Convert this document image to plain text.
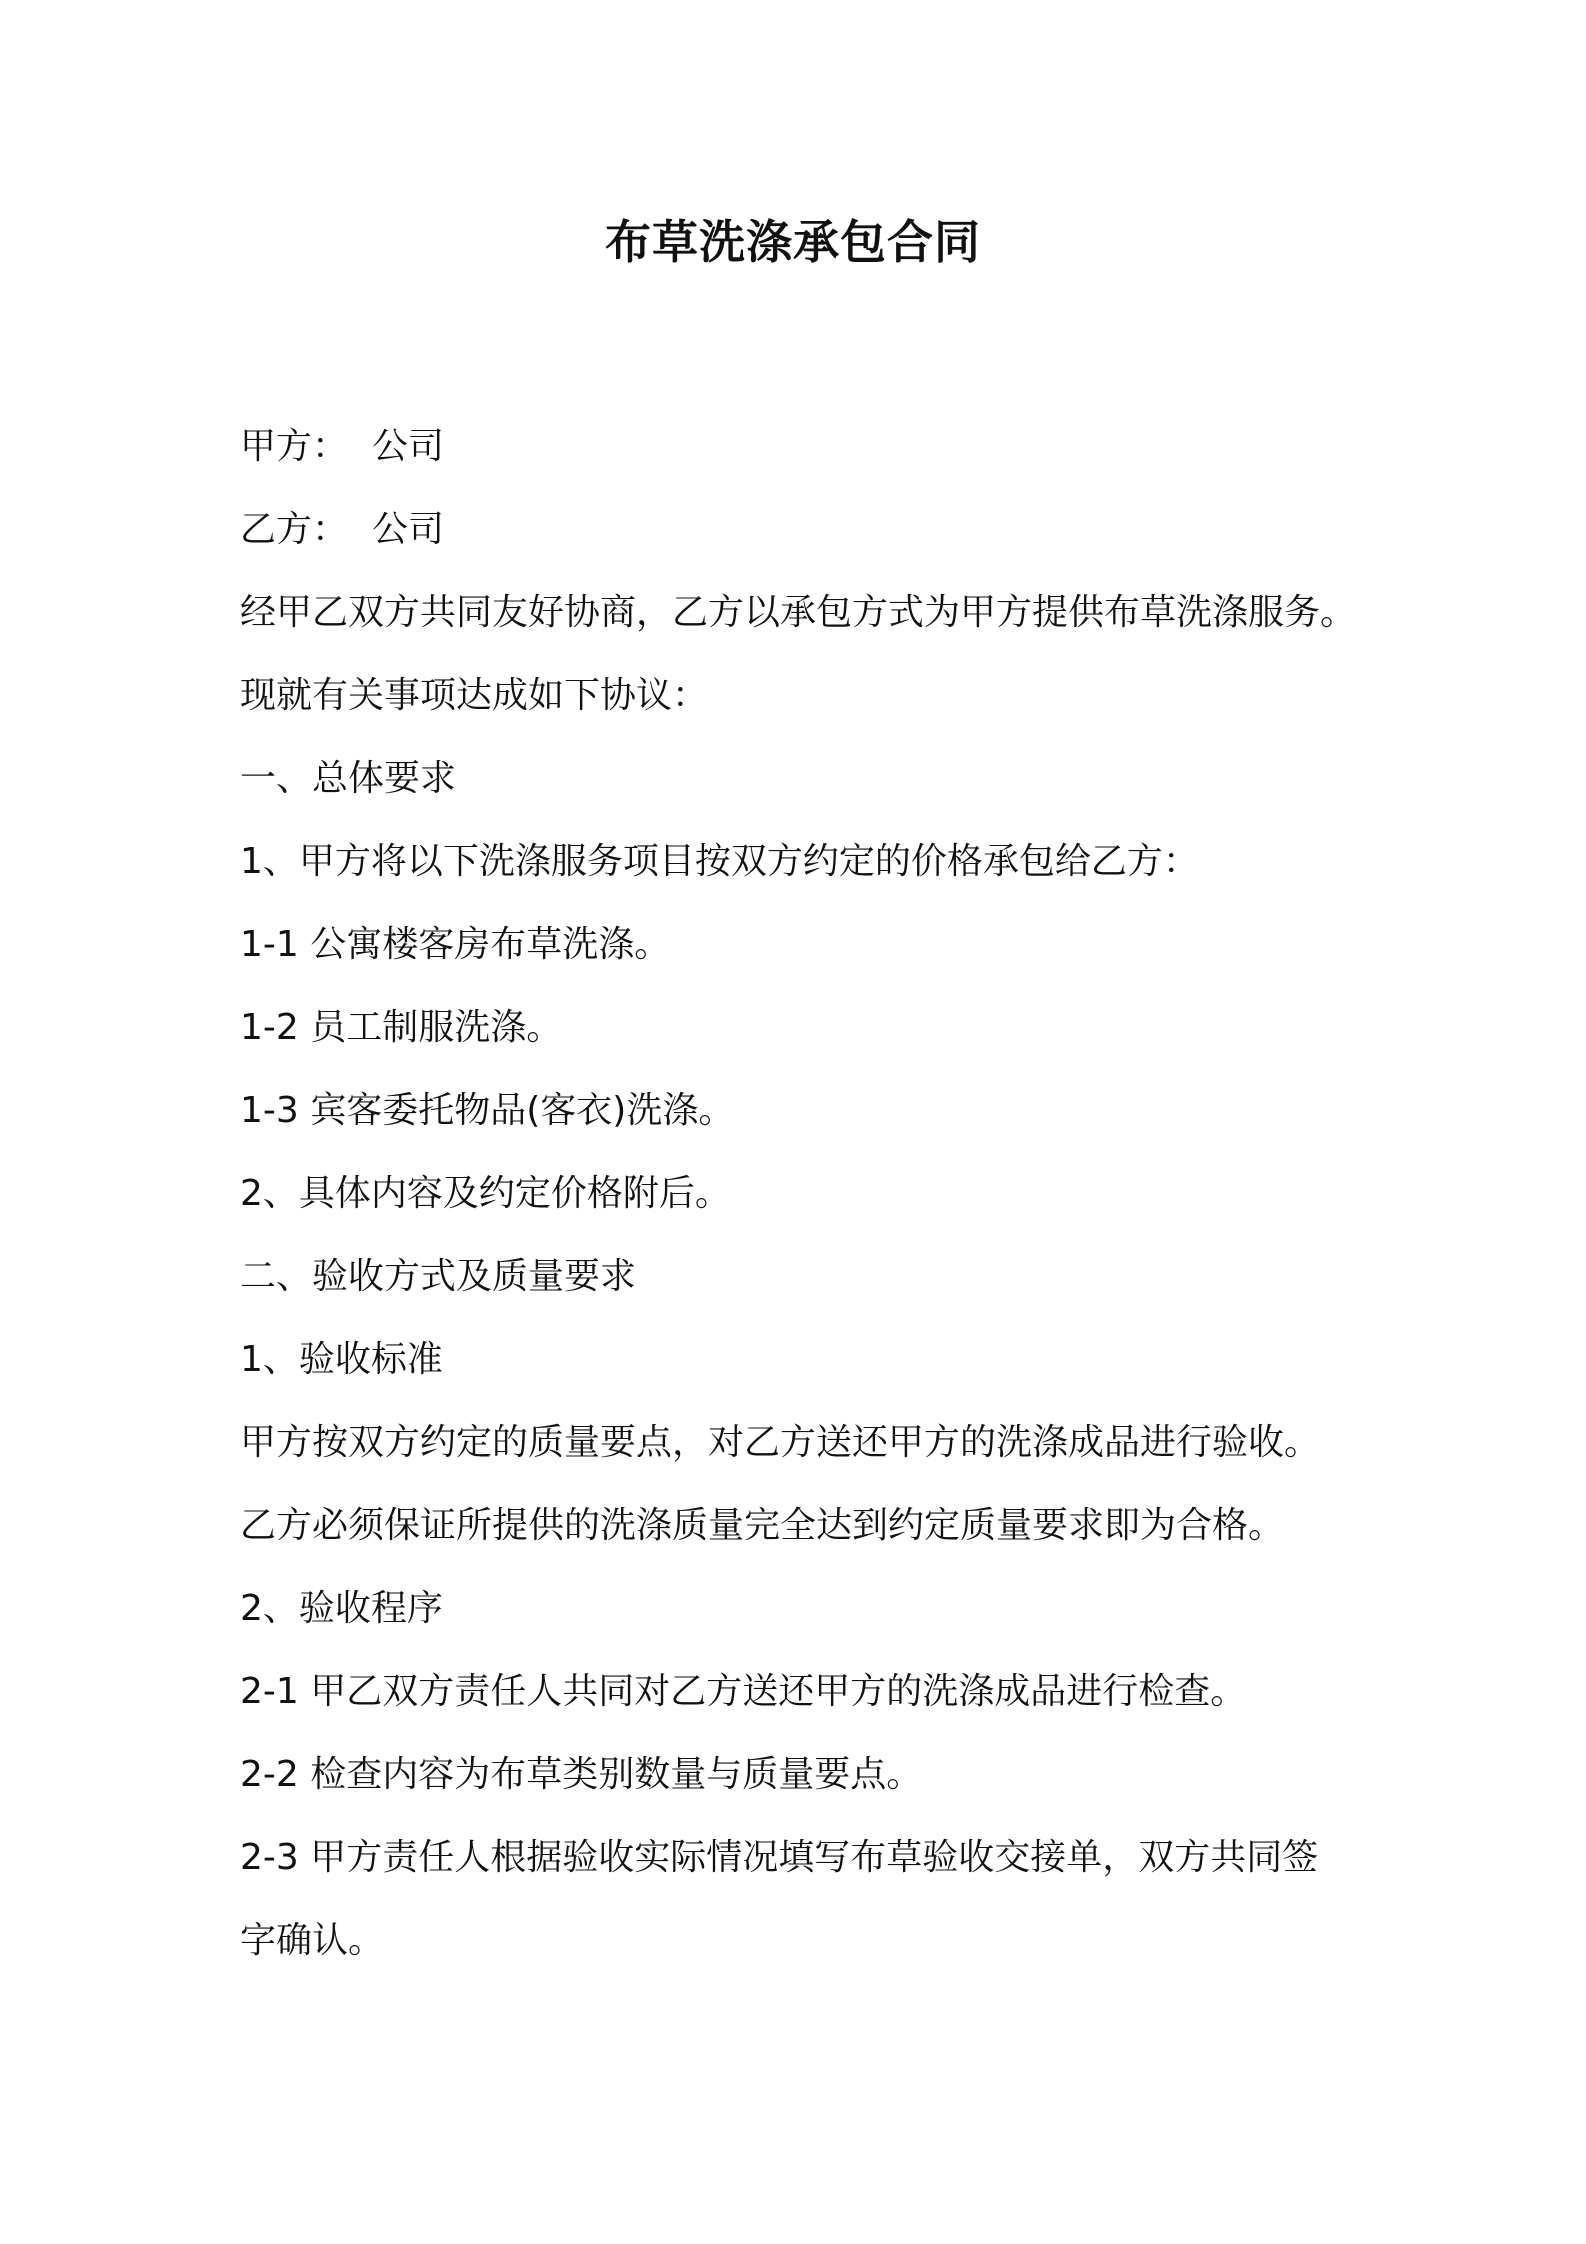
布草洗涤承包合同
甲方： 公司
乙方： 公司
经甲乙双方共同友好协商，乙方以承包方式为甲方提供布草洗涤服务。
现就有关事项达成如下协议：
一、总体要求
1、甲方将以下洗涤服务项目按双方约定的价格承包给乙方：
1-1 公寓楼客房布草洗涤。
1-2 员工制服洗涤。
1-3 宾客委托物品(客衣)洗涤。
2、具体内容及约定价格附后。
二、验收方式及质量要求
1、验收标准
甲方按双方约定的质量要点，对乙方送还甲方的洗涤成品进行验收。
乙方必须保证所提供的洗涤质量完全达到约定质量要求即为合格。
2、验收程序
2-1 甲乙双方责任人共同对乙方送还甲方的洗涤成品进行检查。
2-2 检查内容为布草类别数量与质量要点。
2-3 甲方责任人根据验收实际情况填写布草验收交接单，双方共同签
字确认。
